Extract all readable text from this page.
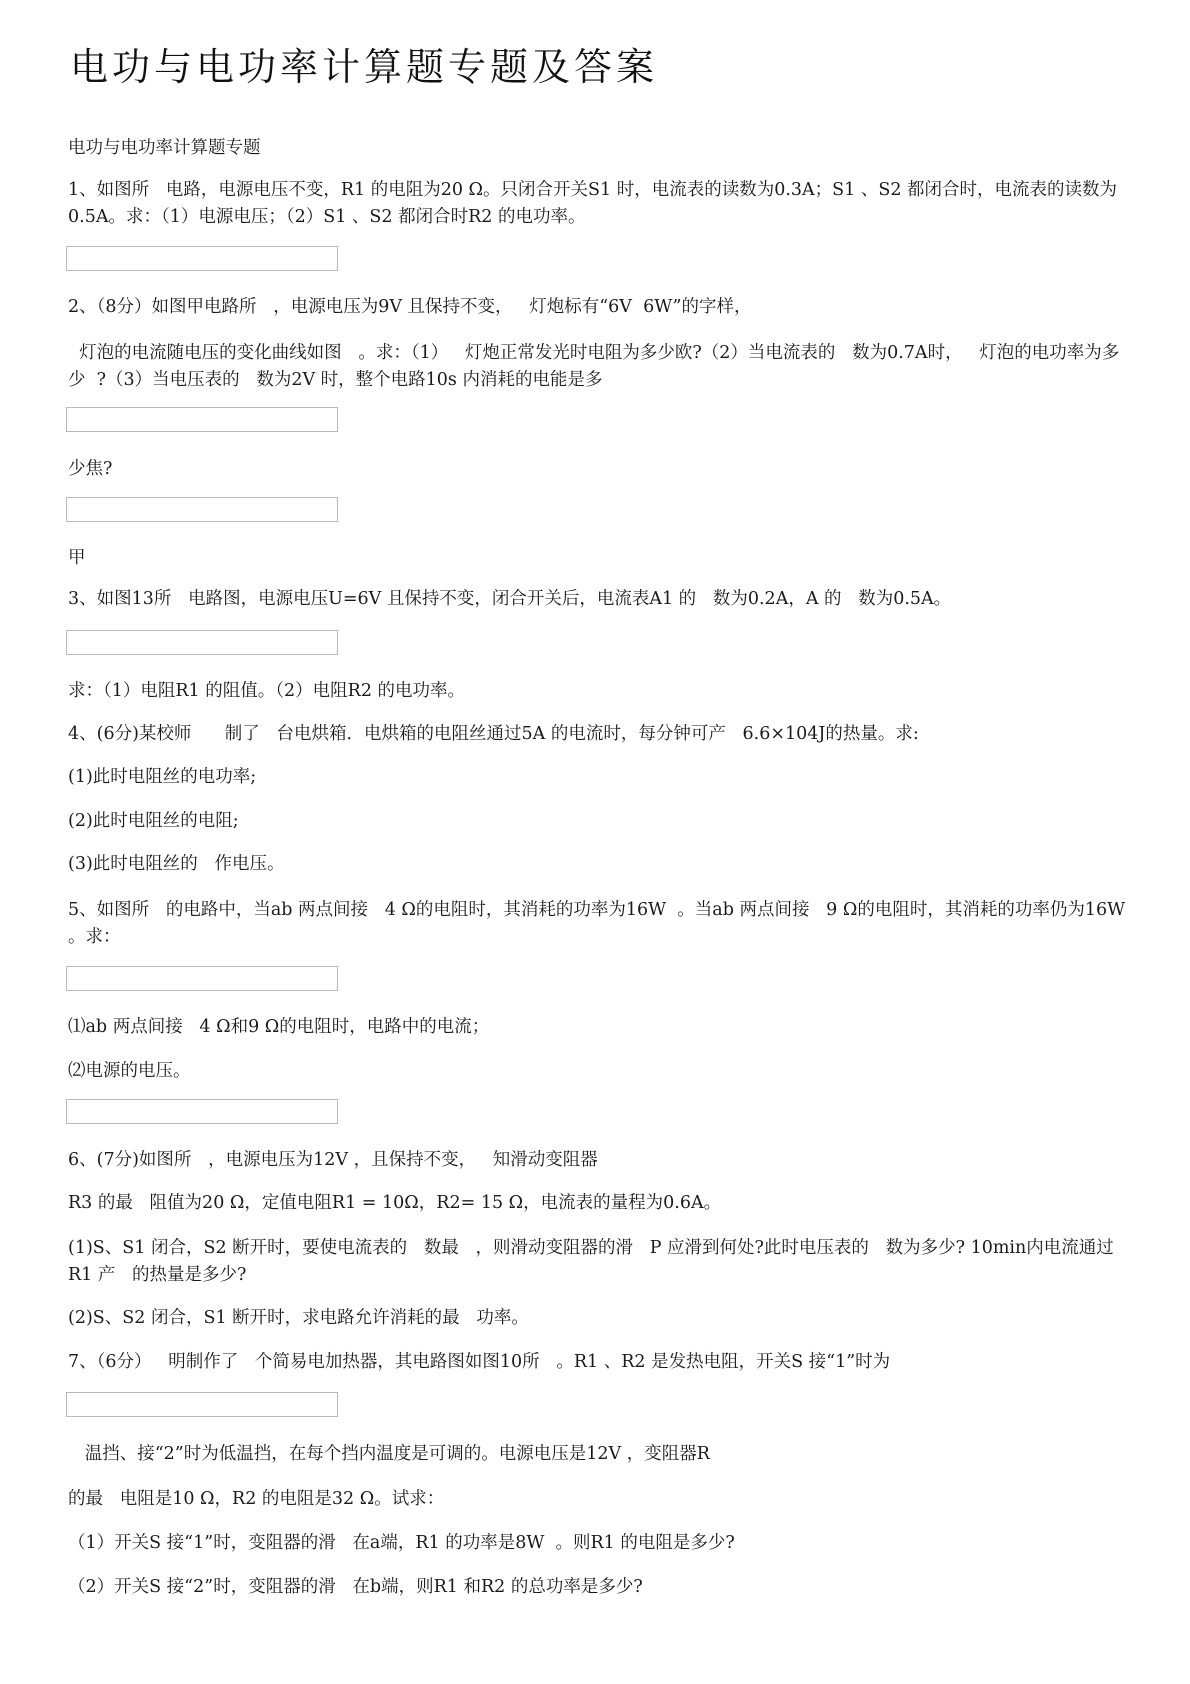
电功与电功率计算题专题及答案
电功与电功率计算题专题
1、如图所   电路，电源电压不变，R1 的电阻为20 Ω。只闭合开关S1 时，电流表的读数为0.3A；S1 、S2 都闭合时，电流表的读数为0.5A。求：（1）电源电压；（2）S1 、S2 都闭合时R2 的电功率。
2、（8分）如图甲电路所   ，电源电压为9V 且保持不变，   灯炮标有“6V  6W”的字样，
灯泡的电流随电压的变化曲线如图   。求：（1）   灯炮正常发光时电阻为多少欧?（2）当电流表的   数为0.7A时，   灯泡的电功率为多少  ?（3）当电压表的   数为2V 时，整个电路10s 内消耗的电能是多
少焦?
甲
3、如图13所   电路图，电源电压U=6V 且保持不变，闭合开关后，电流表A1 的   数为0.2A，A 的   数为0.5A。
求：（1）电阻R1 的阻值。（2）电阻R2 的电功率。
4、(6分)某校师      制了   台电烘箱．电烘箱的电阻丝通过5A 的电流时，每分钟可产   6.6×104J的热量。求:
(1)此时电阻丝的电功率;
(2)此时电阻丝的电阻;
(3)此时电阻丝的   作电压。
5、如图所   的电路中，当ab 两点间接   4 Ω的电阻时，其消耗的功率为16W  。当ab 两点间接   9 Ω的电阻时，其消耗的功率仍为16W  。求：
⑴ab 两点间接   4 Ω和9 Ω的电阻时，电路中的电流；
⑵电源的电压。
6、(7分)如图所   ，电源电压为12V ，且保持不变，   知滑动变阻器
R3 的最   阻值为20 Ω，定值电阻R1 = 10Ω，R2= 15 Ω，电流表的量程为0.6A。
(1)S、S1 闭合，S2 断开时，要使电流表的   数最   ，则滑动变阻器的滑   P 应滑到何处?此时电压表的   数为多少? 10min内电流通过R1 产   的热量是多少?
(2)S、S2 闭合，S1 断开时，求电路允许消耗的最   功率。
7、（6分）   明制作了   个简易电加热器，其电路图如图10所   。R1 、R2 是发热电阻，开关S 接“1”时为
温挡、接“2”时为低温挡，在每个挡内温度是可调的。电源电压是12V ，变阻器R
的最   电阻是10 Ω，R2 的电阻是32 Ω。试求：
（1）开关S 接“1”时，变阻器的滑   在a端，R1 的功率是8W  。则R1 的电阻是多少?
（2）开关S 接“2”时，变阻器的滑   在b端，则R1 和R2 的总功率是多少?
